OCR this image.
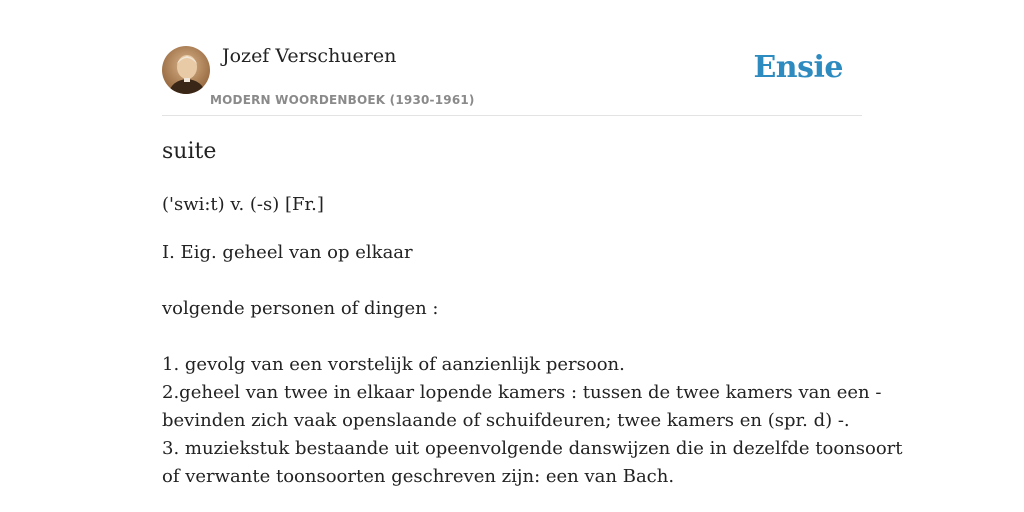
Jozef Verschueren
MODERN WOORDENBOEK (1930-1961)
Ensie
suite
('swi:t) v. (-s) [Fr.]

I. Eig. geheel van op elkaar

volgende personen of dingen :

1. gevolg van een vorstelijk of aanzienlijk persoon.

2.geheel van twee in elkaar lopende kamers : tussen de twee kamers van een -

bevinden zich vaak openslaande of schuifdeuren; twee kamers en (spr. d) -.

3. muziekstuk bestaande uit opeenvolgende danswijzen die in dezelfde toonsoort

of verwante toonsoorten geschreven zijn: een van Bach.
